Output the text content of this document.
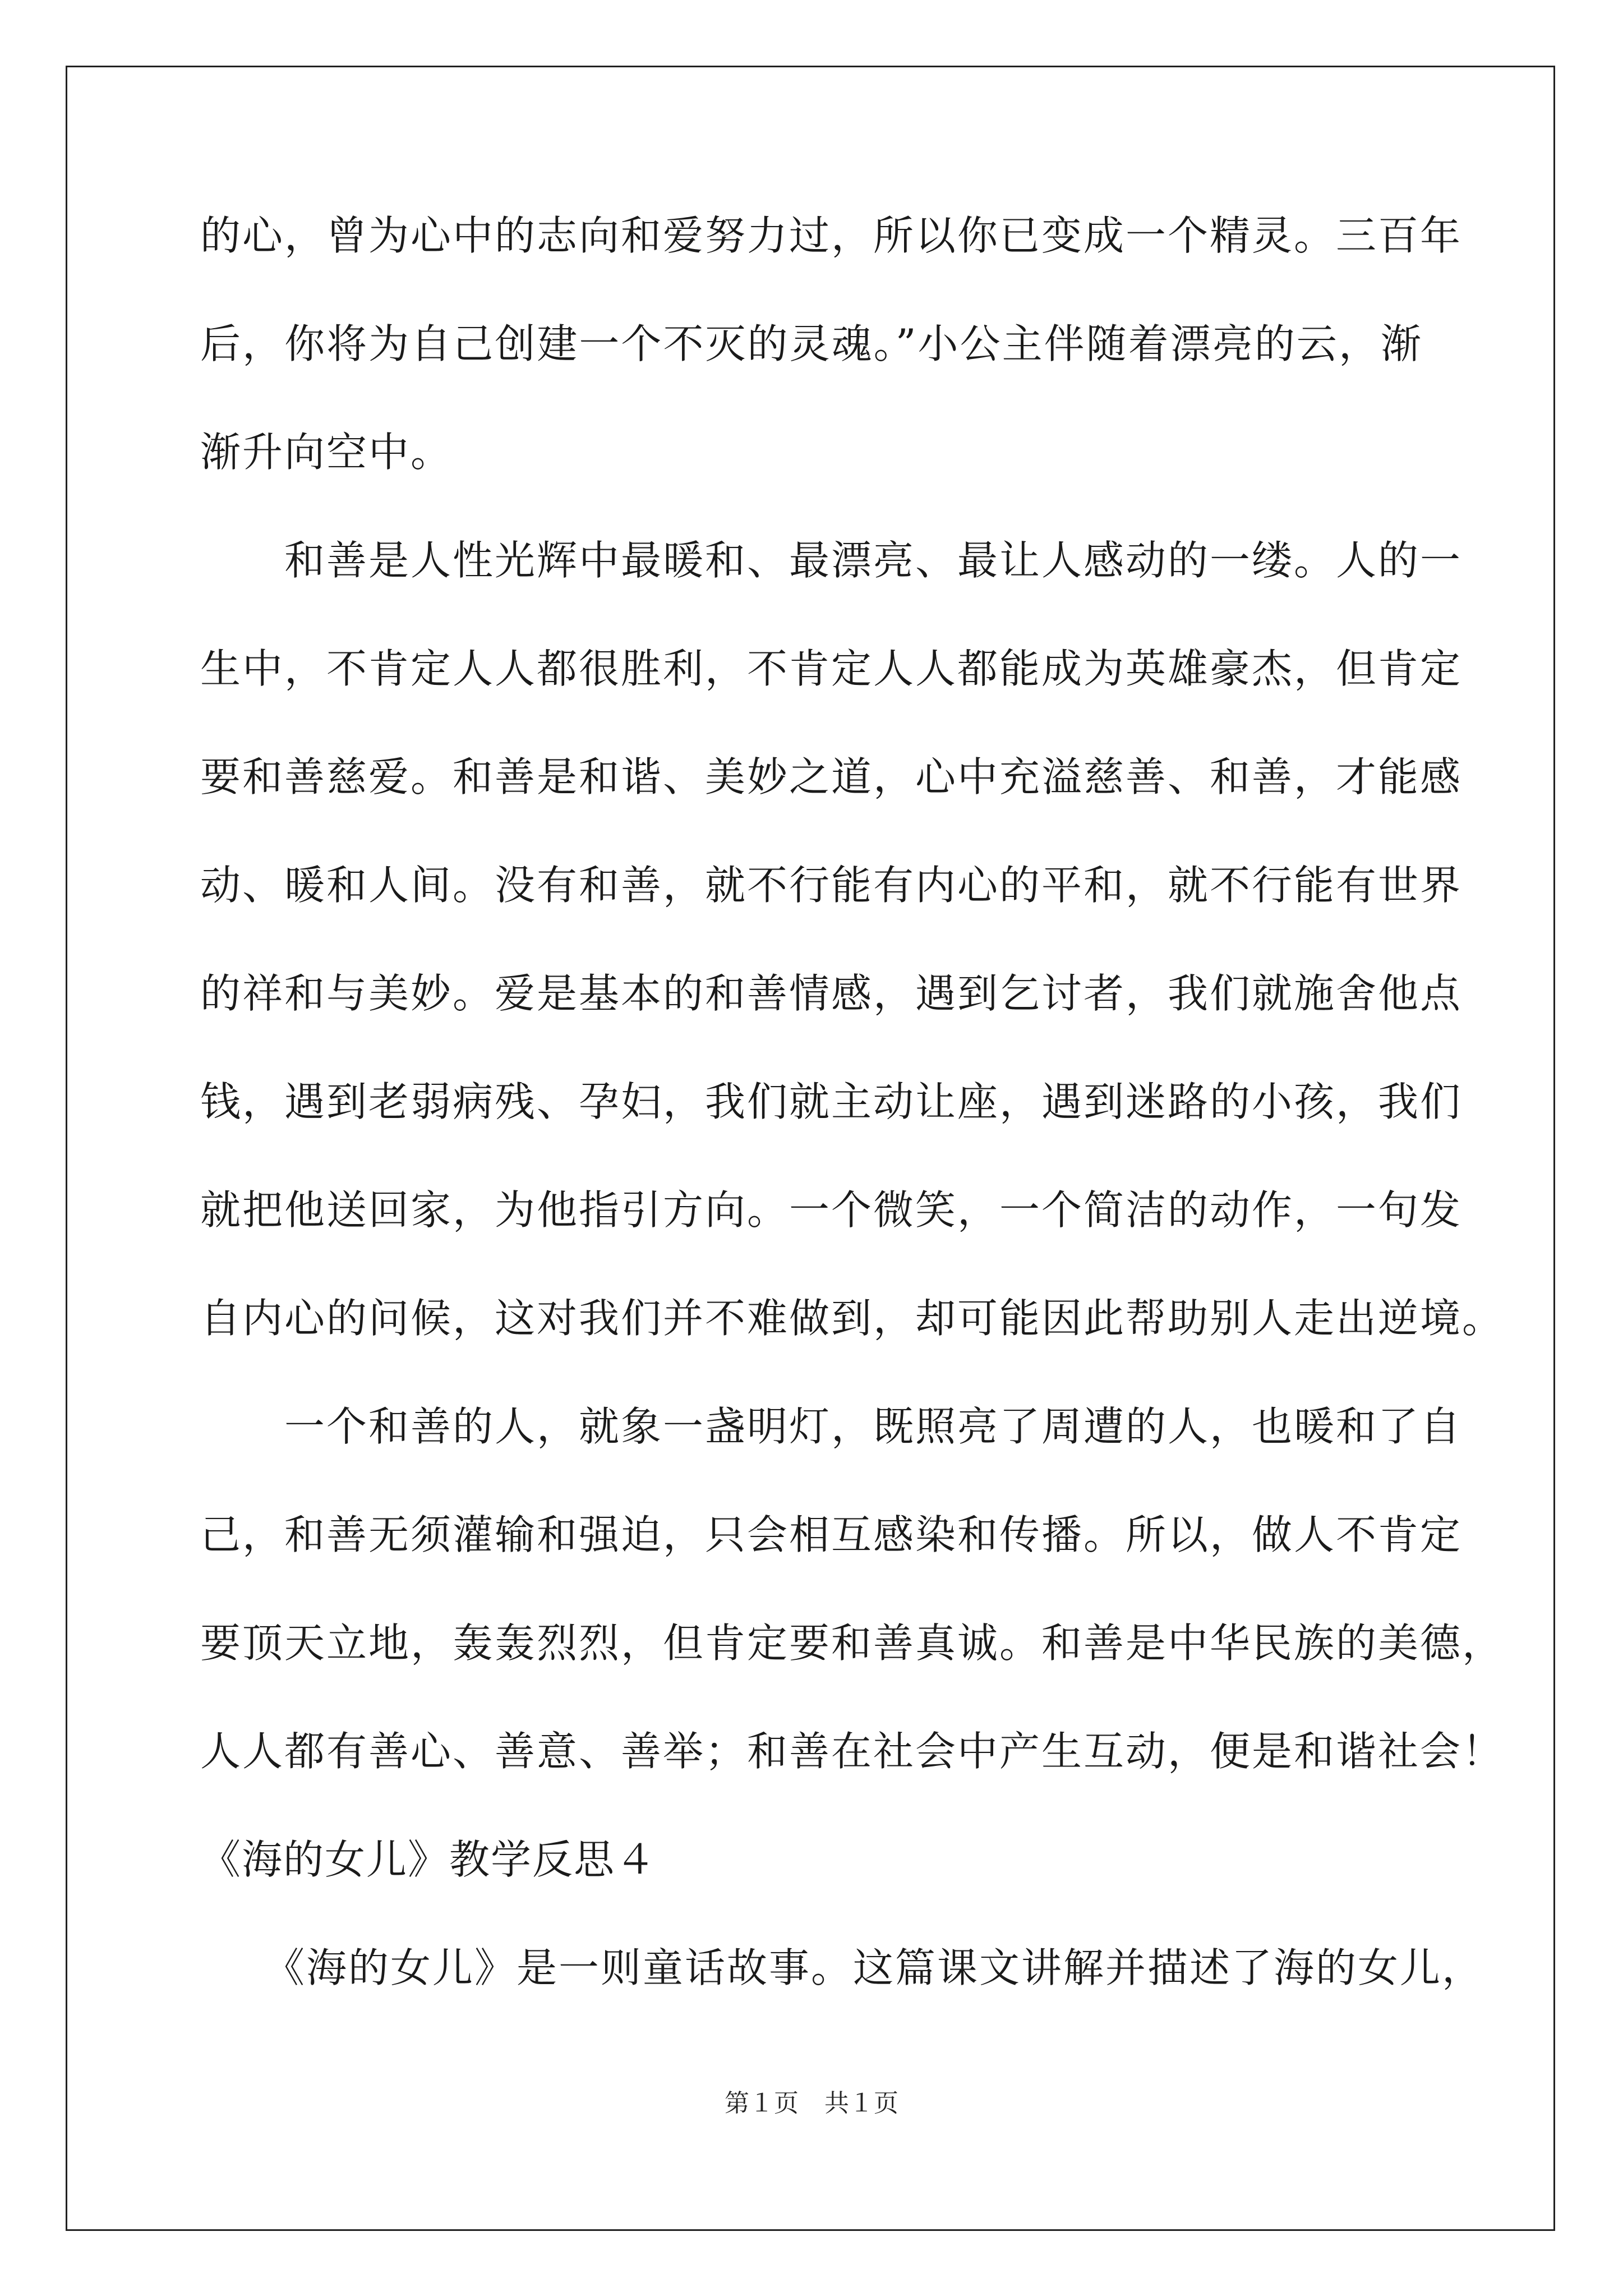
的心，曾为心中的志向和爱努力过，所以你已变成一个精灵。三百年
后，你将为自己创建一个不灭的灵魂。”小公主伴随着漂亮的云，渐
渐升向空中。
　　和善是人性光辉中最暖和、最漂亮、最让人感动的一缕。人的一
生中，不肯定人人都很胜利，不肯定人人都能成为英雄豪杰，但肯定
要和善慈爱。和善是和谐、美妙之道，心中充溢慈善、和善，才能感
动、暖和人间。没有和善，就不行能有内心的平和，就不行能有世界
的祥和与美妙。爱是基本的和善情感，遇到乞讨者，我们就施舍他点
钱，遇到老弱病残、孕妇，我们就主动让座，遇到迷路的小孩，我们
就把他送回家，为他指引方向。一个微笑，一个简洁的动作，一句发
自内心的问候，这对我们并不难做到，却可能因此帮助别人走出逆境。
　　一个和善的人，就象一盏明灯，既照亮了周遭的人，也暖和了自
己，和善无须灌输和强迫，只会相互感染和传播。所以，做人不肯定
要顶天立地，轰轰烈烈，但肯定要和善真诚。和善是中华民族的美德，
人人都有善心、善意、善举；和善在社会中产生互动，便是和谐社会！
《海的女儿》教学反思４
　　《海的女儿》是一则童话故事。这篇课文讲解并描述了海的女儿，
第１页 共１页
